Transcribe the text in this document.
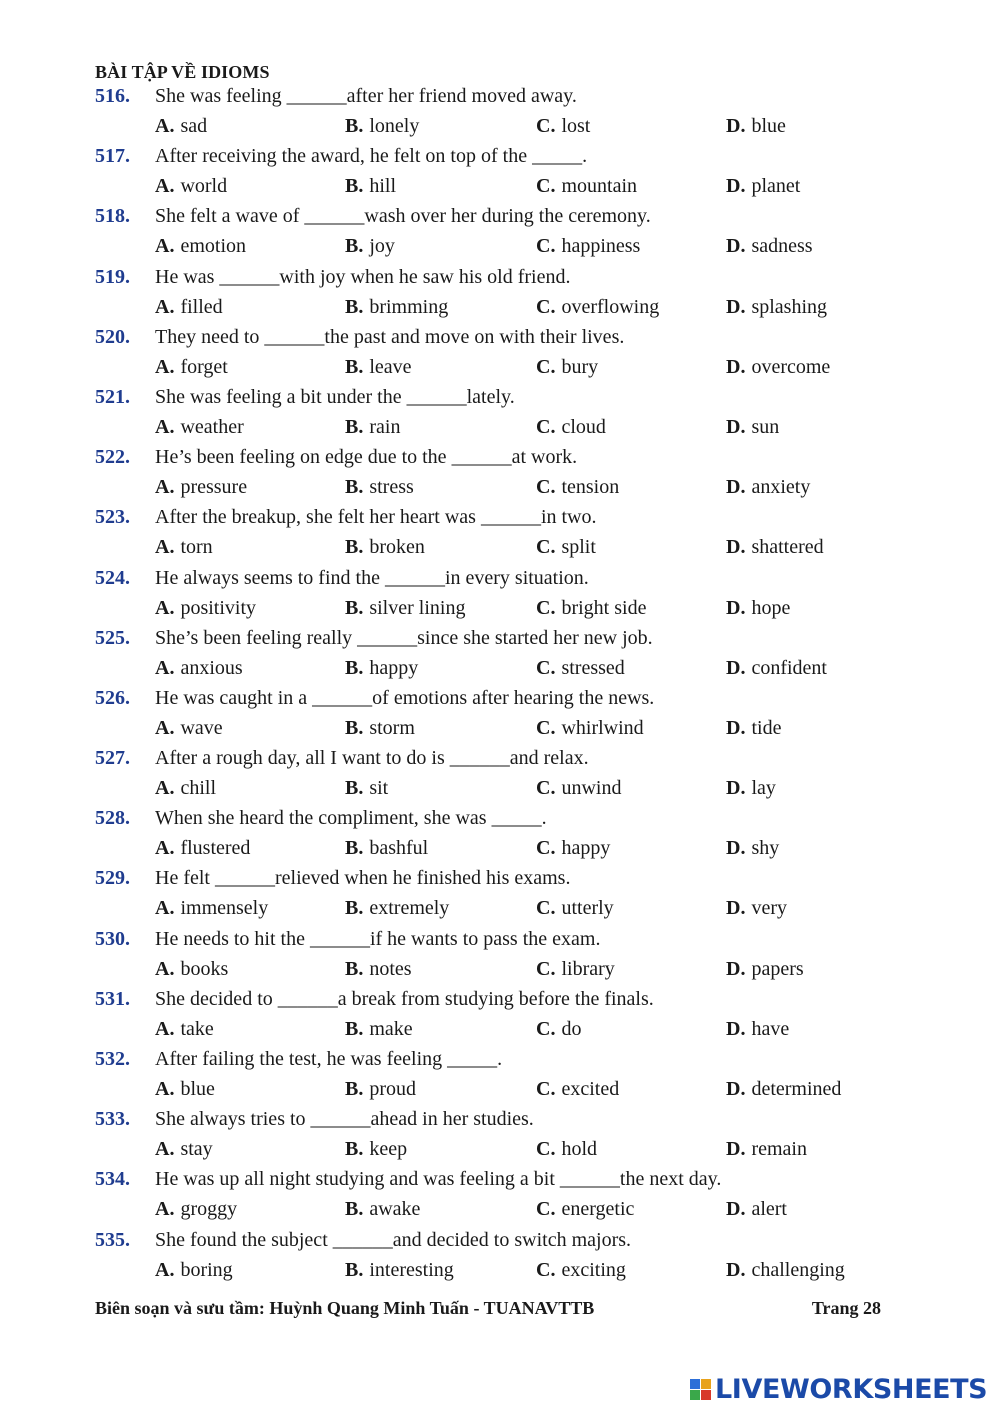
BÀI TẬP VỀ IDIOMS
516. She was feeling ______after her friend moved away.
A. sad	B. lonely	C. lost	D. blue
517. After receiving the award, he felt on top of the _____.
A. world	B. hill	C. mountain	D. planet
518. She felt a wave of ______wash over her during the ceremony.
A. emotion	B. joy	C. happiness	D. sadness
519. He was ______with joy when he saw his old friend.
A. filled	B. brimming	C. overflowing	D. splashing
520. They need to ______the past and move on with their lives.
A. forget	B. leave	C. bury	D. overcome
521. She was feeling a bit under the ______lately.
A. weather	B. rain	C. cloud	D. sun
522. He’s been feeling on edge due to the ______at work.
A. pressure	B. stress	C. tension	D. anxiety
523. After the breakup, she felt her heart was ______in two.
A. torn	B. broken	C. split	D. shattered
524. He always seems to find the ______in every situation.
A. positivity	B. silver lining	C. bright side	D. hope
525. She’s been feeling really ______since she started her new job.
A. anxious	B. happy	C. stressed	D. confident
526. He was caught in a ______of emotions after hearing the news.
A. wave	B. storm	C. whirlwind	D. tide
527. After a rough day, all I want to do is ______and relax.
A. chill	B. sit	C. unwind	D. lay
528. When she heard the compliment, she was _____.
A. flustered	B. bashful	C. happy	D. shy
529. He felt ______relieved when he finished his exams.
A. immensely	B. extremely	C. utterly	D. very
530. He needs to hit the ______if he wants to pass the exam.
A. books	B. notes	C. library	D. papers
531. She decided to ______a break from studying before the finals.
A. take	B. make	C. do	D. have
532. After failing the test, he was feeling _____.
A. blue	B. proud	C. excited	D. determined
533. She always tries to ______ahead in her studies.
A. stay	B. keep	C. hold	D. remain
534. He was up all night studying and was feeling a bit ______the next day.
A. groggy	B. awake	C. energetic	D. alert
535. She found the subject ______and decided to switch majors.
A. boring	B. interesting	C. exciting	D. challenging
Biên soạn và sưu tầm: Huỳnh Quang Minh Tuấn - TUANAVTTB	Trang 28
LIVEWORKSHEETS
